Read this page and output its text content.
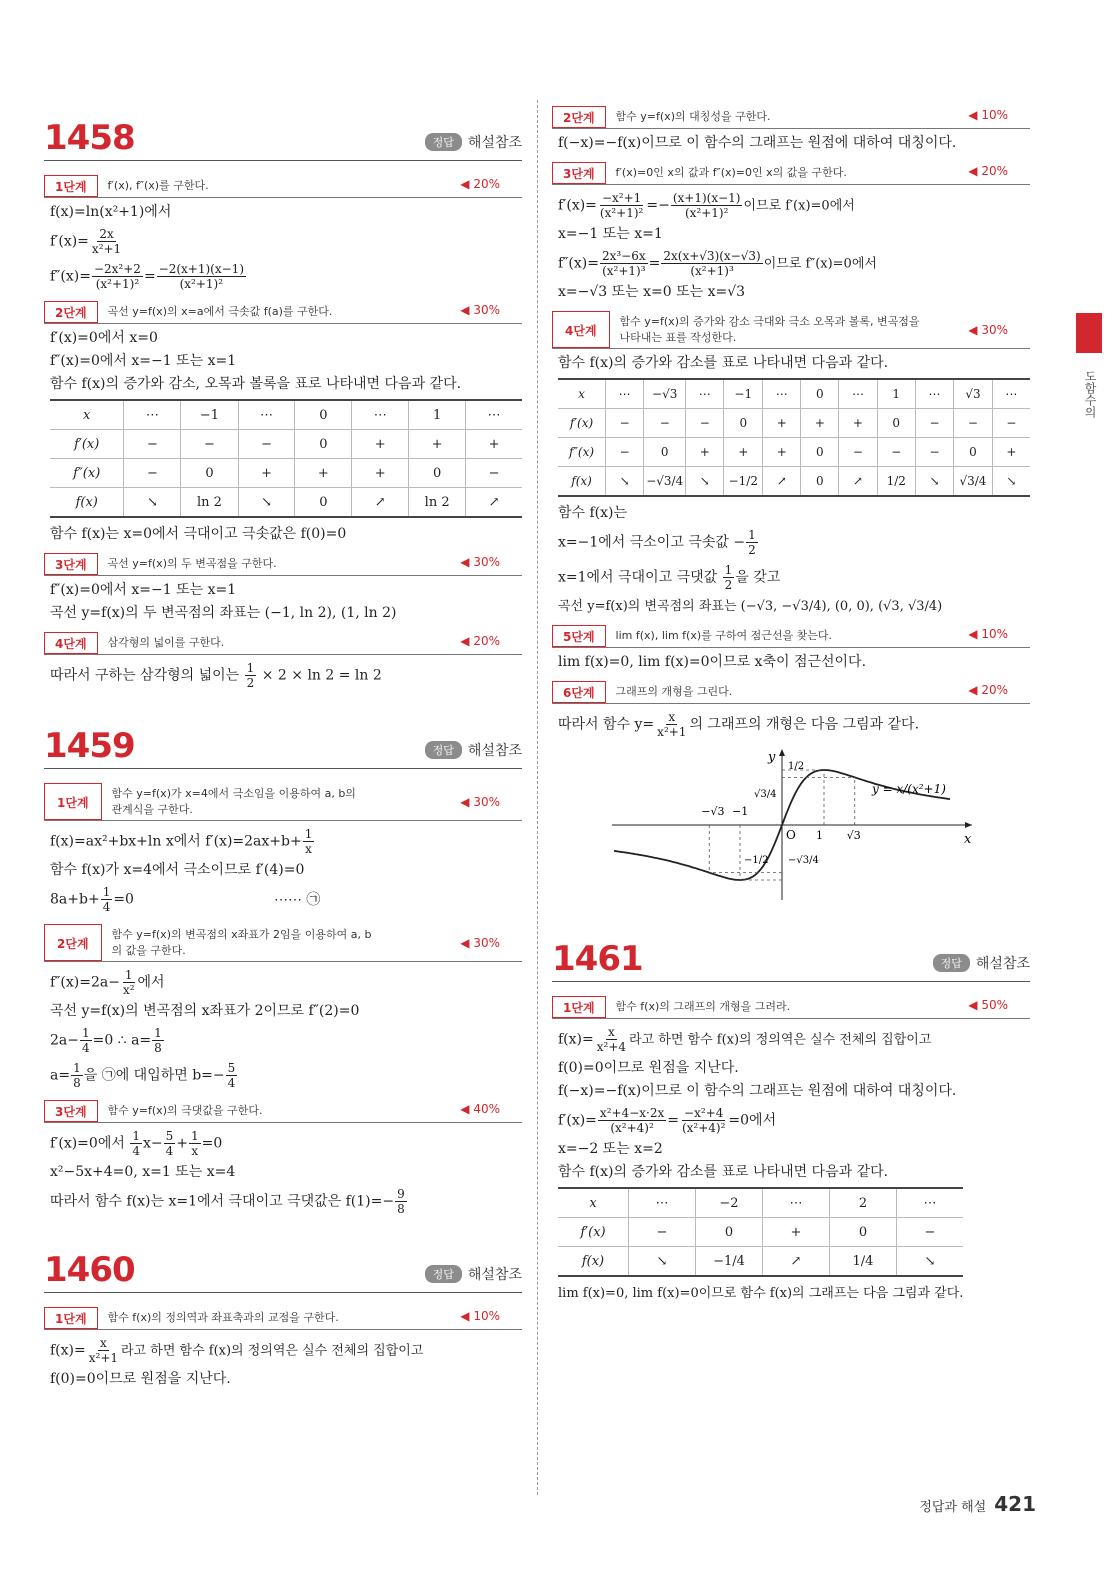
도함수의
1458	정답 해설참조
1단계	f′(x), f″(x)를 구한다.	◀ 20%
f(x)=ln(x²+1)에서
$f'(x)= \frac{2x}{\text{x²+1}}$
$f''(x)= \frac{\text{−2x²+2}}{\text{(x²+1)²}} = \frac{-2(x+1)(x-1)}{\text{(x²+1)²}}$
2단계	곡선 y=f(x)의 x=a에서 극솟값 f(a)를 구한다.	◀ 30%
f′(x)=0에서 x=0
f″(x)=0에서 x=−1 또는 x=1
함수 f(x)의 증가와 감소, 오목과 볼록을 표로 나타내면 다음과 같다.
x	⋯	−1	⋯	0	⋯	1	⋯
f′(x)	−	−	−	0	+	+	+
f″(x)	−	0	+	+	+	0	−
f(x)	↘	ln 2	↘	0	↗	ln 2	↗
함수 f(x)는 x=0에서 극대이고 극솟값은 f(0)=0
3단계	곡선 y=f(x)의 두 변곡점을 구한다.	◀ 30%
f″(x)=0에서 x=−1 또는 x=1
곡선 y=f(x)의 두 변곡점의 좌표는 (−1, ln 2), (1, ln 2)
4단계	삼각형의 넓이를 구한다.	◀ 20%
따라서 구하는 삼각형의 넓이는 $\frac{1}{2} \times 2 \times \ln 2 = \ln 2$
1459	정답 해설참조
1단계
함수 y=f(x)가 x=4에서 극소임을 이용하여 a, b의 관계식을 구한다.	◀ 30%
f(x)=ax²+bx+ln x에서 $f'(x)=2ax+b+ \frac{1}{x}$
함수 f(x)가 x=4에서 극소이므로 f′(4)=0
$8a+b+ \frac{1}{4} =0$	⋯⋯ ㉠
2단계
함수 y=f(x)의 변곡점의 x좌표가 2임을 이용하여 a, b의 값을 구한다.	◀ 30%
$f''(x)=2a- \frac{1}{\text{x²}}$ 에서
곡선 y=f(x)의 변곡점의 x좌표가 2이므로 f″(2)=0
$2a- \frac{1}{4} =0$ ∴ $a= \frac{1}{8}$
$a= \frac{1}{8}$ 을 ㉠에 대입하면 $b=- \frac{5}{4}$
3단계	함수 y=f(x)의 극댓값을 구한다.	◀ 40%
f′(x)=0에서 $\frac{1}{4} x- \frac{5}{4} + \frac{1}{x} =0$
x²−5x+4=0, x=1 또는 x=4
따라서 함수 f(x)는 x=1에서 극대이고 극댓값은 $f(1)=- \frac{9}{8}$
1460	정답 해설참조
1단계	함수 f(x)의 정의역과 좌표축과의 교점을 구한다.	◀ 10%
$f(x)= \frac{x}{\text{x²+1}}$ 라고 하면 함수 f(x)의 정의역은 실수 전체의 집합이고
f(0)=0이므로 원점을 지난다.
2단계	함수 y=f(x)의 대칭성을 구한다.	◀ 10%
f(−x)=−f(x)이므로 이 함수의 그래프는 원점에 대하여 대칭이다.
3단계	f′(x)=0인 x의 값과 f″(x)=0인 x의 값을 구한다.	◀ 20%
$f'(x)= \frac{\text{−x²+1}}{\text{(x²+1)²}} =- \frac{(x+1)(x-1)}{\text{(x²+1)²}}$ 이므로 f′(x)=0에서
x=−1 또는 x=1
$f''(x)= \frac{\text{2x³−6x}}{\text{(x²+1)³}} = \frac{2x(x+√3)(x-√3)}{\text{(x²+1)³}}$ 이므로 f″(x)=0에서
x=−√3 또는 x=0 또는 x=√3
4단계
함수 y=f(x)의 증가와 감소 극대와 극소 오목과 볼록, 변곡점을 나타내는 표를 작성한다.	◀ 30%
함수 f(x)의 증가와 감소를 표로 나타내면 다음과 같다.
x	⋯	−√3	⋯	−1	⋯	0	⋯	1	⋯	√3	⋯
f′(x)	−	−	−	0	+	+	+	0	−	−	−
f″(x)	−	0	+	+	+	0	−	−	−	0	+
f(x)	↘	−√3/4	↘	−1/2	↗	0	↗	1/2	↘	√3/4	↘
함수 f(x)는
x=−1에서 극소이고 극솟값 − $\frac{1}{2}$
x=1에서 극대이고 극댓값 $\frac{1}{2}$ 을 갖고
곡선 y=f(x)의 변곡점의 좌표는 (−√3, −√3/4), (0, 0), (√3, √3/4)
5단계	lim f(x), lim f(x)를 구하여 점근선을 찾는다.	◀ 10%
lim f(x)=0, lim f(x)=0이므로 x축이 점근선이다.
6단계	그래프의 개형을 그린다.	◀ 20%
따라서 함수 $y= \frac{x}{\text{x²+1}}$ 의 그래프의 개형은 다음 그림과 같다.
x
y
O
−√3 −1
1 √3
1/2
√3/4
−1/2 −√3/4
y = x/(x²+1)
1461	정답 해설참조
1단계	함수 f(x)의 그래프의 개형을 그려라.	◀ 50%
$f(x)= \frac{x}{\text{x²+4}}$ 라고 하면 함수 f(x)의 정의역은 실수 전체의 집합이고
f(0)=0이므로 원점을 지난다.
f(−x)=−f(x)이므로 이 함수의 그래프는 원점에 대하여 대칭이다.
$f'(x)= \frac{\text{x²+4−x·2x}}{\text{(x²+4)²}} = \frac{\text{−x²+4}}{\text{(x²+4)²}} =0$에서
x=−2 또는 x=2
함수 f(x)의 증가와 감소를 표로 나타내면 다음과 같다.
x	⋯	−2	⋯	2	⋯
f′(x)	−	0	+	0	−
f(x)	↘	−1/4	↗	1/4	↘
lim f(x)=0, lim f(x)=0이므로 함수 f(x)의 그래프는 다음 그림과 같다.
정답과 해설 421
